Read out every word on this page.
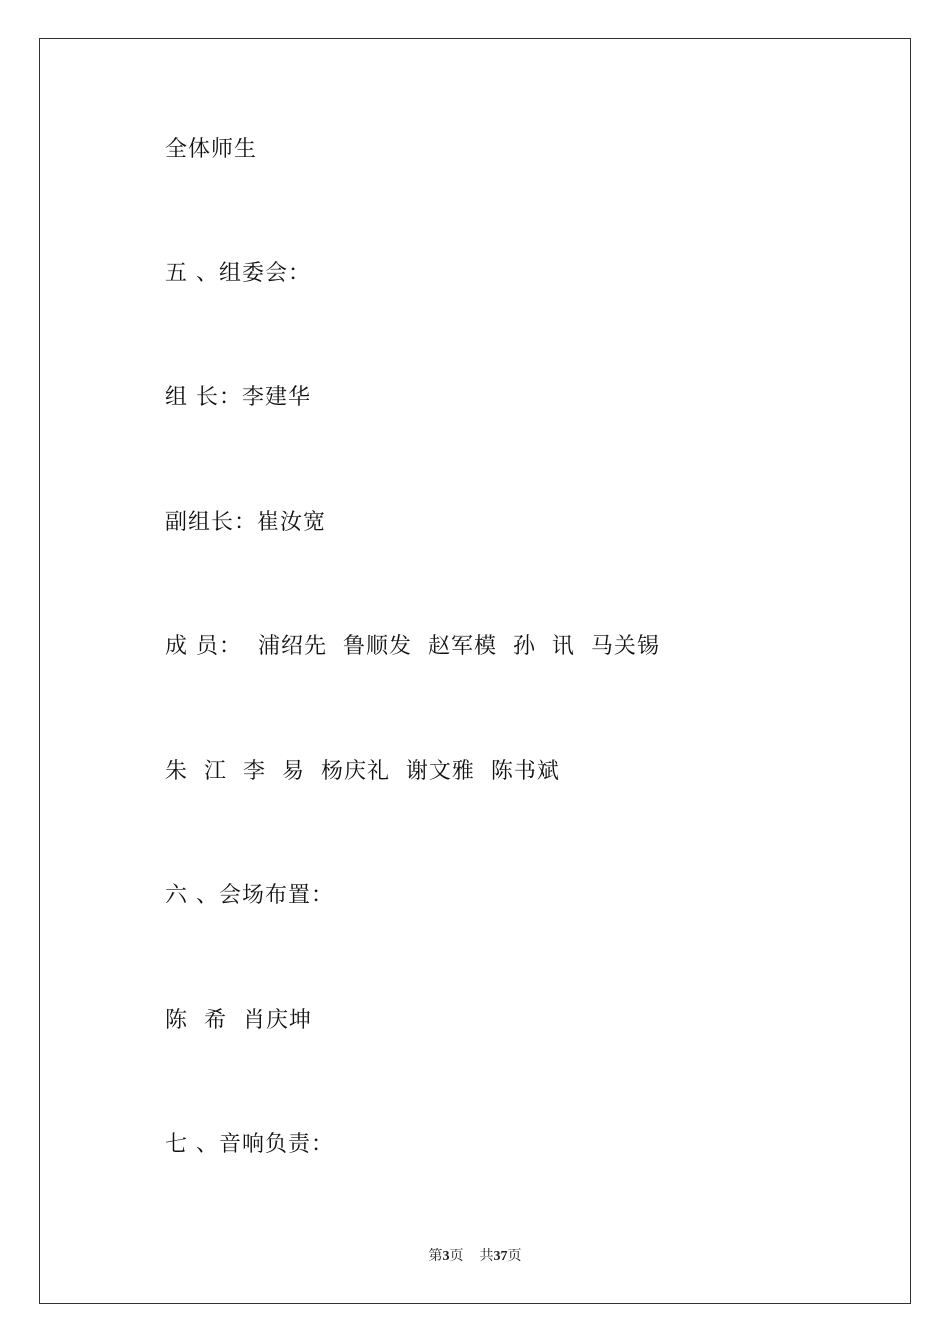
全体师生
五 、组委会：
组 长：李建华
副组长：崔汝宽
成 员：  浦绍先  鲁顺发  赵军模  孙  讯  马关锡
朱  江  李  易  杨庆礼  谢文雅  陈书斌
六 、会场布置：
陈  希  肖庆坤
七 、音响负责：
第3页 共37页
